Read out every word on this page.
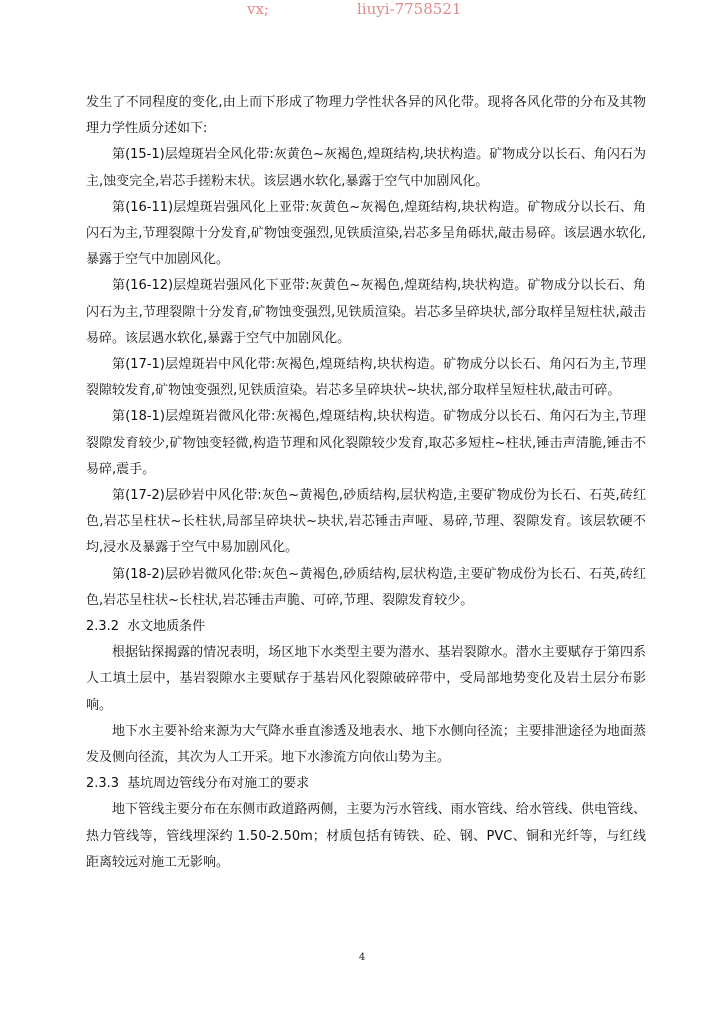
vx;	liuyi-7758521

发生了不同程度的变化,由上而下形成了物理力学性状各异的风化带。现将各风化带的分布及其物理力学性质分述如下:

第(15-1)层煌斑岩全风化带:灰黄色~灰褐色,煌斑结构,块状构造。矿物成分以长石、角闪石为主,蚀变完全,岩芯手搓粉末状。该层遇水软化,暴露于空气中加剧风化。

第(16-11)层煌斑岩强风化上亚带:灰黄色~灰褐色,煌斑结构,块状构造。矿物成分以长石、角闪石为主,节理裂隙十分发育,矿物蚀变强烈,见铁质渲染,岩芯多呈角砾状,敲击易碎。该层遇水软化,暴露于空气中加剧风化。

第(16-12)层煌斑岩强风化下亚带:灰黄色~灰褐色,煌斑结构,块状构造。矿物成分以长石、角闪石为主,节理裂隙十分发育,矿物蚀变强烈,见铁质渲染。岩芯多呈碎块状,部分取样呈短柱状,敲击易碎。该层遇水软化,暴露于空气中加剧风化。

第(17-1)层煌斑岩中风化带:灰褐色,煌斑结构,块状构造。矿物成分以长石、角闪石为主,节理裂隙较发育,矿物蚀变强烈,见铁质渲染。岩芯多呈碎块状~块状,部分取样呈短柱状,敲击可碎。

第(18-1)层煌斑岩微风化带:灰褐色,煌斑结构,块状构造。矿物成分以长石、角闪石为主,节理裂隙发育较少,矿物蚀变轻微,构造节理和风化裂隙较少发育,取芯多短柱~柱状,锤击声清脆,锤击不易碎,震手。

第(17-2)层砂岩中风化带:灰色~黄褐色,砂质结构,层状构造,主要矿物成份为长石、石英,砖红色,岩芯呈柱状~长柱状,局部呈碎块状~块状,岩芯锤击声哑、易碎,节理、裂隙发育。该层软硬不均,浸水及暴露于空气中易加剧风化。

第(18-2)层砂岩微风化带:灰色~黄褐色,砂质结构,层状构造,主要矿物成份为长石、石英,砖红色,岩芯呈柱状~长柱状,岩芯锤击声脆、可碎,节理、裂隙发育较少。

2.3.2 水文地质条件

根据钻探揭露的情况表明，场区地下水类型主要为潜水、基岩裂隙水。潜水主要赋存于第四系人工填土层中，基岩裂隙水主要赋存于基岩风化裂隙破碎带中，受局部地势变化及岩土层分布影响。

地下水主要补给来源为大气降水垂直渗透及地表水、地下水侧向径流；主要排泄途径为地面蒸发及侧向径流，其次为人工开采。地下水渗流方向依山势为主。

2.3.3 基坑周边管线分布对施工的要求

地下管线主要分布在东侧市政道路两侧，主要为污水管线、雨水管线、给水管线、供电管线、热力管线等，管线埋深约 1.50-2.50m；材质包括有铸铁、砼、钢、PVC、铜和光纤等，与红线距离较远对施工无影响。

4
